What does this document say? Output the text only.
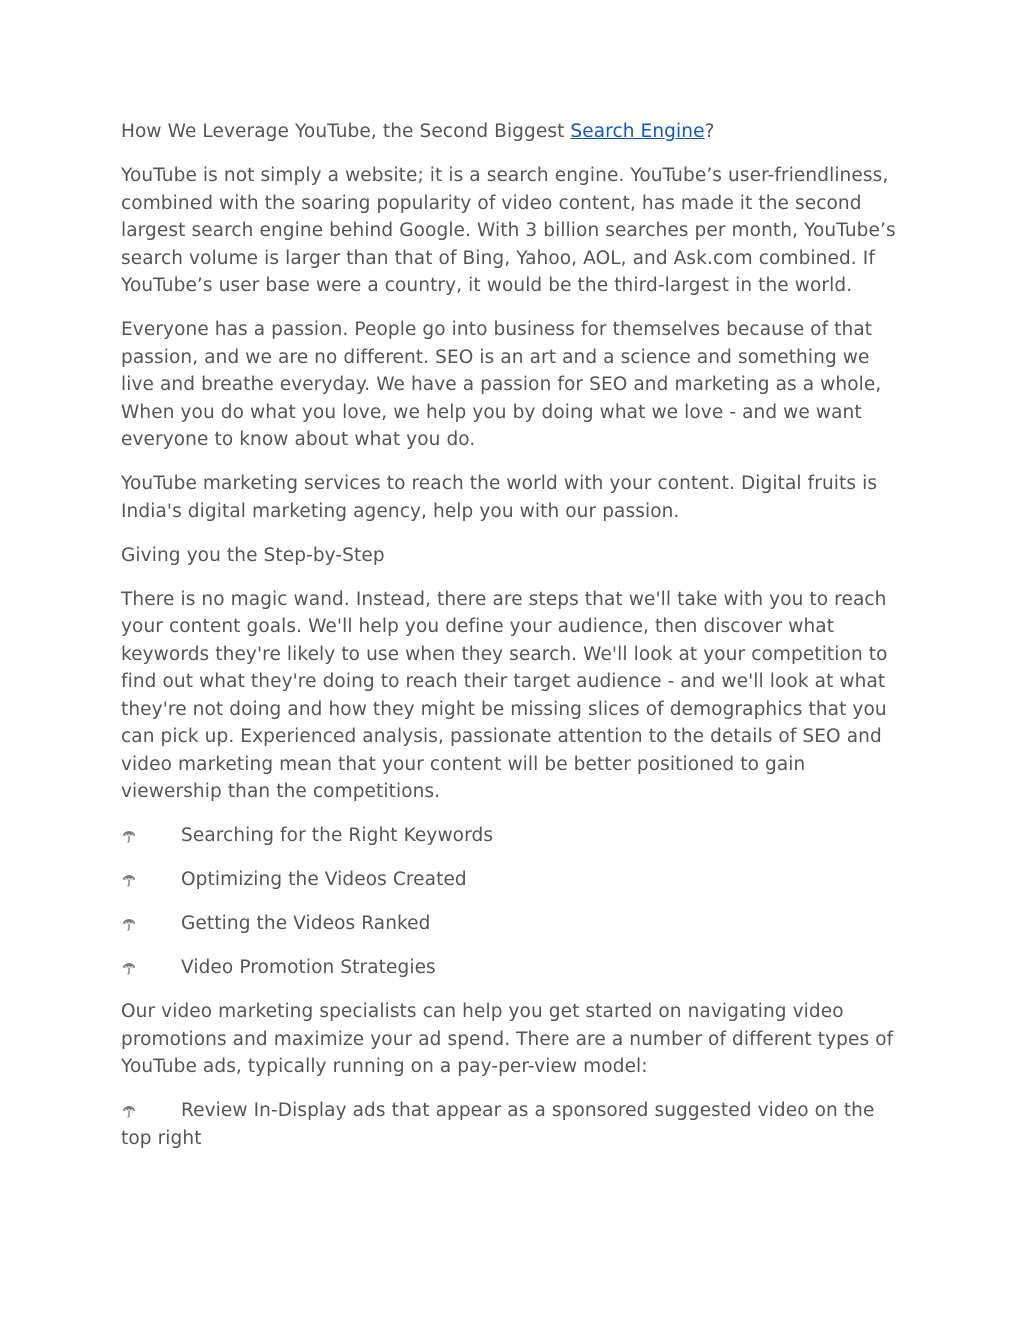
How We Leverage YouTube, the Second Biggest Search Engine?

YouTube is not simply a website; it is a search engine. YouTube’s user-friendliness, combined with the soaring popularity of video content, has made it the second largest search engine behind Google. With 3 billion searches per month, YouTube’s search volume is larger than that of Bing, Yahoo, AOL, and Ask.com combined. If YouTube’s user base were a country, it would be the third-largest in the world.

Everyone has a passion. People go into business for themselves because of that passion, and we are no different. SEO is an art and a science and something we live and breathe everyday. We have a passion for SEO and marketing as a whole, When you do what you love, we help you by doing what we love - and we want everyone to know about what you do.

YouTube marketing services to reach the world with your content. Digital fruits is India's digital marketing agency, help you with our passion.

Giving you the Step-by-Step

There is no magic wand. Instead, there are steps that we'll take with you to reach your content goals. We'll help you define your audience, then discover what keywords they're likely to use when they search. We'll look at your competition to find out what they're doing to reach their target audience - and we'll look at what they're not doing and how they might be missing slices of demographics that you can pick up. Experienced analysis, passionate attention to the details of SEO and video marketing mean that your content will be better positioned to gain viewership than the competitions.

Searching for the Right Keywords
Optimizing the Videos Created
Getting the Videos Ranked
Video Promotion Strategies

Our video marketing specialists can help you get started on navigating video promotions and maximize your ad spend. There are a number of different types of YouTube ads, typically running on a pay-per-view model:

Review In-Display ads that appear as a sponsored suggested video on the top right
